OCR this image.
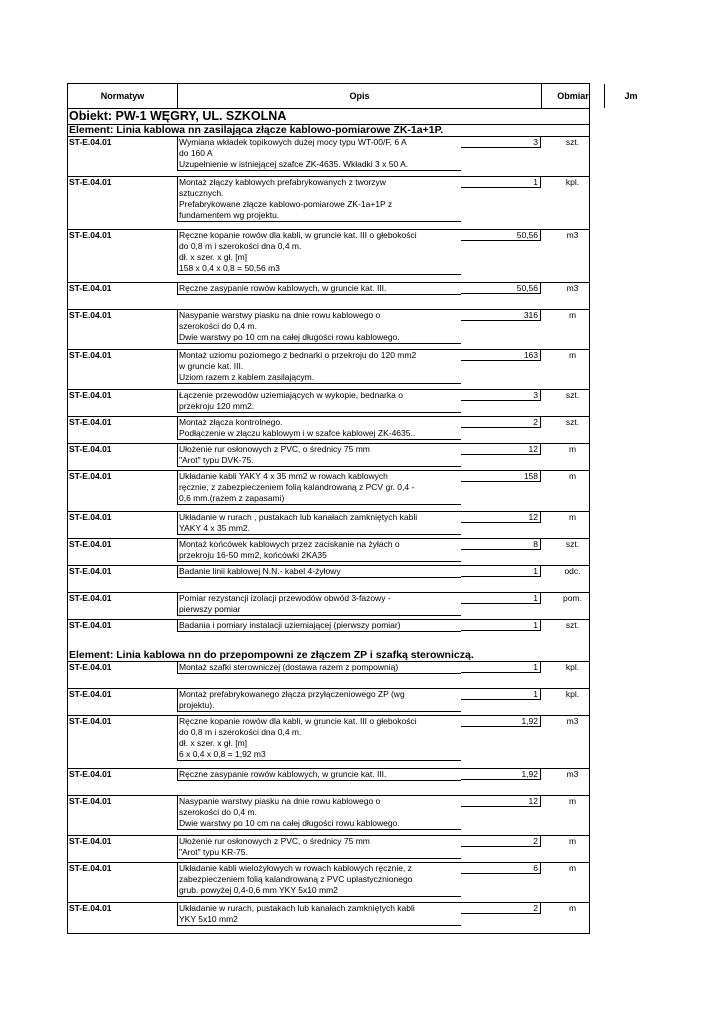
Normatyw	Opis	Obmiar	Jm
Obiekt: PW-1 WĘGRY, UL. SZKOLNA
Element: Linia kablowa nn zasilająca złącze kablowo-pomiarowe ZK-1a+1P.
ST-E.04.01	Wymiana wkładek topikowych dużej mocy typu WT-00/F, 6 A
do 160 A
Uzupełnienie w istniejącej szafce ZK-4635. Wkładki 3 x 50 A.
3	szt.
ST-E.04.01	Montaż złączy kablowych prefabrykowanych z tworzyw
sztucznych.
Prefabrykowane złącze kablowo-pomiarowe ZK-1a+1P z
fundamentem wg projektu.
1	kpl.
ST-E.04.01	Ręczne kopanie rowów dla kabli, w gruncie kat. III o głebokości
do 0,8 m i szerokości dna 0,4 m.
dł. x szer. x gł. [m]
158 x 0,4 x 0,8 = 50,56 m3
50,56	m3
ST-E.04.01	Ręczne zasypanie rowów kablowych, w gruncie kat. III.	50,56	m3
ST-E.04.01	Nasypanie warstwy piasku na dnie rowu kablowego o
szerokości do 0,4 m.
Dwie warstwy po 10 cm na całej długości rowu kablowego.
316	m
ST-E.04.01	Montaż uziomu poziomego z bednarki o przekroju do 120 mm2
w gruncie kat. III.
Uziom razem z kablem zasilającym.
163	m
ST-E.04.01	Łączenie przewodów uziemiających w wykopie, bednarka o
przekroju 120 mm2.
3	szt.
ST-E.04.01	Montaż złącza kontrolnego.
Podłączenie w złączu kablowym i w szafce kablowej ZK-4635..
2	szt.
ST-E.04.01	Ułożenie rur osłonowych z PVC, o średnicy 75 mm
"Arot" typu DVK-75.
12	m
ST-E.04.01	Układanie kabli YAKY 4 x 35 mm2 w rowach kablowych
ręcznie, z zabezpieczeniem folią kalandrowaną z PCV gr. 0,4 -
0,6 mm.(razem z zapasami)
158	m
ST-E.04.01	Układanie w rurach , pustakach lub kanałach zamkniętych kabli
YAKY 4 x 35 mm2.
12	m
ST-E.04.01	Montaż końcówek kablowych przez zaciskanie na żyłach o
przekroju 16-50 mm2, końcówki 2KA35
8	szt.
ST-E.04.01	Badanie linii kablowej N.N.- kabel 4-żyłowy	1	odc.
ST-E.04.01	Pomiar rezystancji izolacji przewodów obwód 3-fazowy -
pierwszy pomiar
1	pom.
ST-E.04.01	Badania i pomiary instalacji uziemiającej (pierwszy pomiar)	1	szt.
Element: Linia kablowa nn do przepompowni ze złączem ZP i szafką sterowniczą.
ST-E.04.01	Montaż szafki sterowniczej (dostawa razem z pompownią)	1	kpl.
ST-E.04.01	Montaż prefabrykowanego złącza przyłączeniowego ZP (wg
projektu).
1	kpl.
ST-E.04.01	Ręczne kopanie rowów dla kabli, w gruncie kat. III o głebokości
do 0,8 m i szerokości dna 0,4 m.
dł. x szer. x gł. [m]
6 x 0,4 x 0,8 = 1,92 m3
1,92	m3
ST-E.04.01	Ręczne zasypanie rowów kablowych, w gruncie kat. III.	1,92	m3
ST-E.04.01	Nasypanie warstwy piasku na dnie rowu kablowego o
szerokości do 0,4 m.
Dwie warstwy po 10 cm na całej długości rowu kablowego.
12	m
ST-E.04.01	Ułożenie rur osłonowych z PVC, o średnicy 75 mm
"Arot" typu KR-75.
2	m
ST-E.04.01	Układanie kabli wielożyłowych w rowach kablowych ręcznie, z
zabezpieczeniem folią kalandrowaną z PVC uplastycznionego
grub. powyżej 0,4-0,6 mm YKY 5x10 mm2
6	m
ST-E.04.01	Układanie w rurach, pustakach lub kanałach zamkniętych kabli
YKY 5x10 mm2
2	m
